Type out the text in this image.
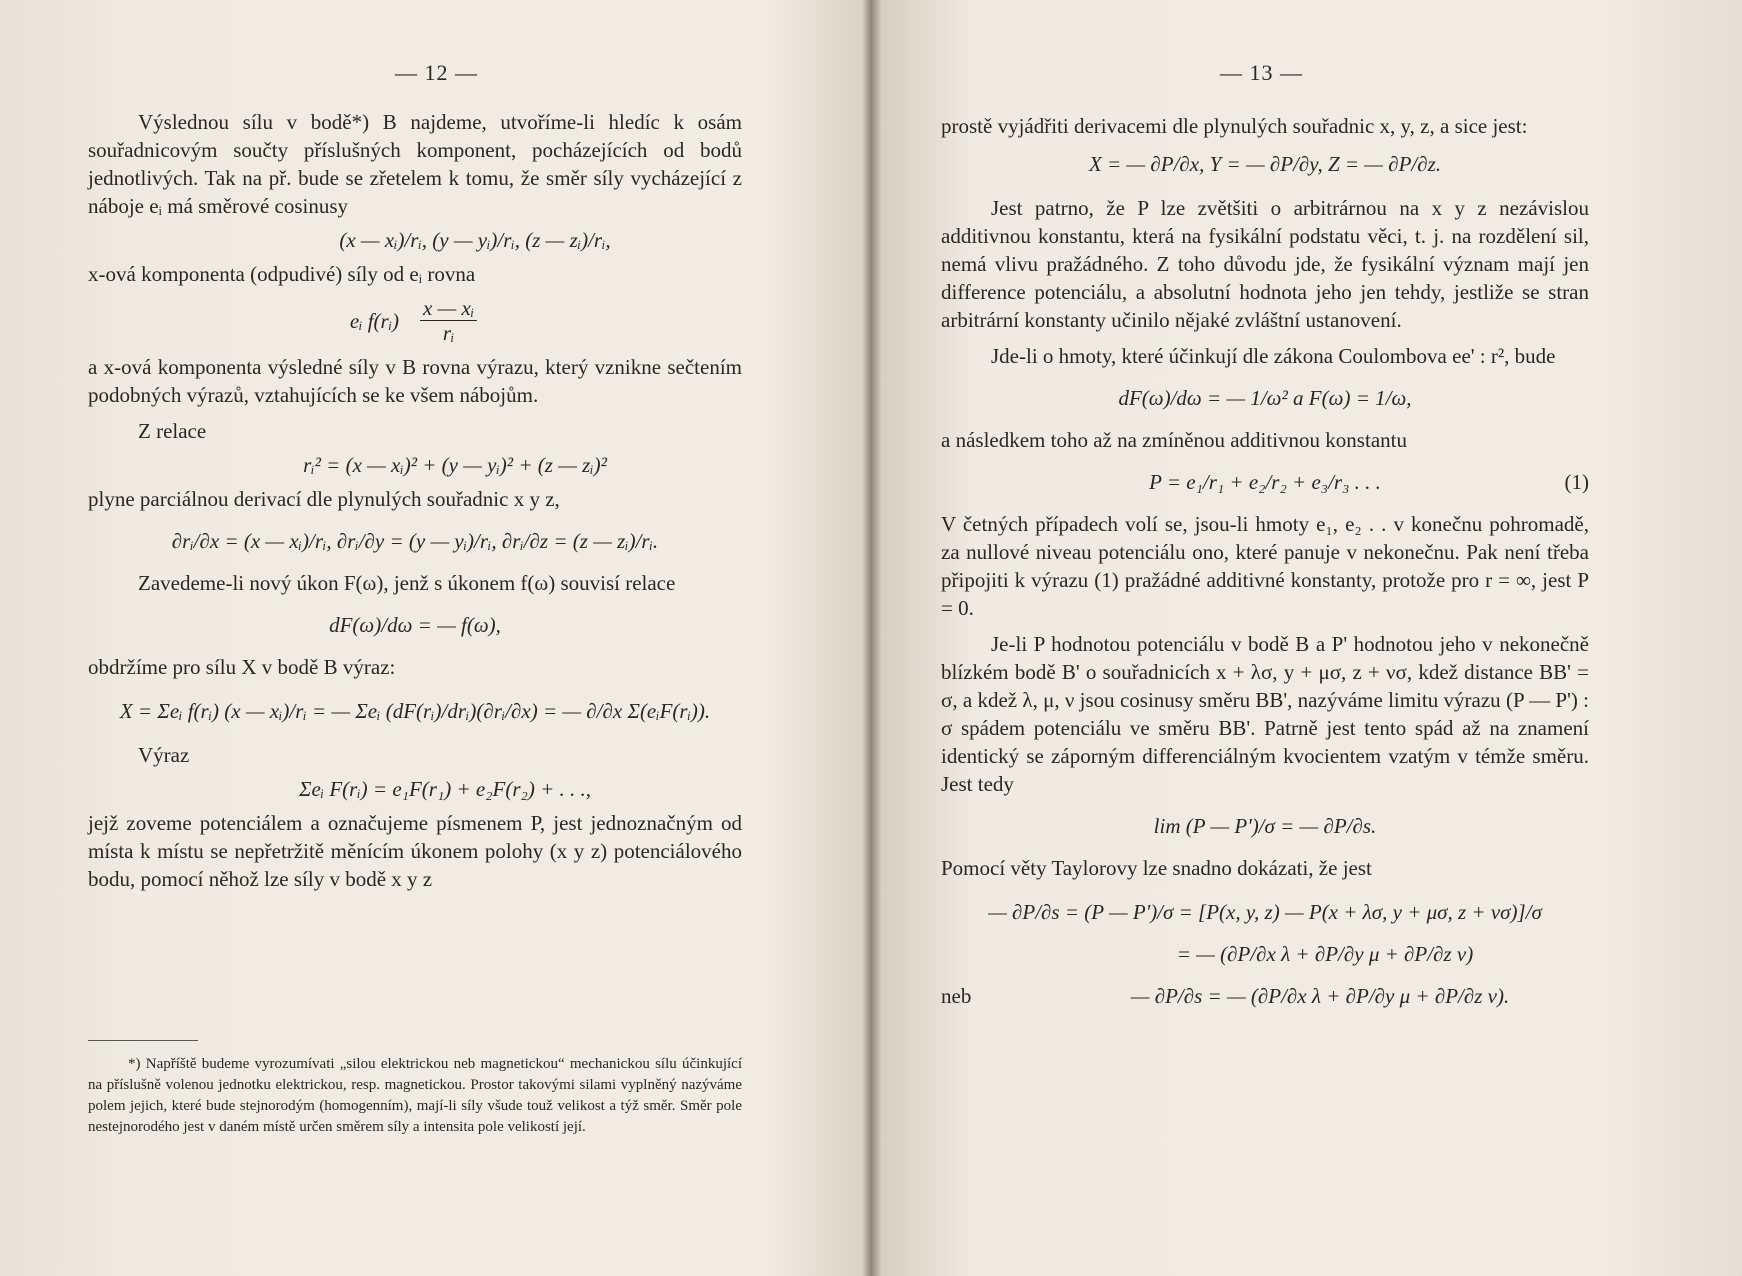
— 12 —

Výslednou sílu v bodě*) B najdeme, utvoříme-li hledíc k osám souřadnicovým součty příslušných komponent, pocházejících od bodů jednotlivých. Tak na př. bude se zřetelem k tomu, že směr síly vycházející z náboje eᵢ má směrové cosinusy

(x — xᵢ)/rᵢ, (y — yᵢ)/rᵢ, (z — zᵢ)/rᵢ,

x-ová komponenta (odpudivé) síly od eᵢ rovna

eᵢ f(rᵢ) $\frac{\text{x — xᵢ}}{\text{rᵢ}}$

a x-ová komponenta výsledné síly v B rovna výrazu, který vznikne sečtením podobných výrazů, vztahujících se ke všem nábojům.

Z relace

rᵢ² = (x — xᵢ)² + (y — yᵢ)² + (z — zᵢ)²

plyne parciálnou derivací dle plynulých souřadnic x y z,

∂rᵢ/∂x = (x — xᵢ)/rᵢ, ∂rᵢ/∂y = (y — yᵢ)/rᵢ, ∂rᵢ/∂z = (z — zᵢ)/rᵢ.

Zavedeme-li nový úkon F(ω), jenž s úkonem f(ω) souvisí relace

dF(ω)/dω = — f(ω),

obdržíme pro sílu X v bodě B výraz:

X = Σeᵢ f(rᵢ) (x — xᵢ)/rᵢ = — Σeᵢ (dF(rᵢ)/drᵢ)(∂rᵢ/∂x) = — ∂/∂x Σ(eᵢF(rᵢ)).

Výraz

Σeᵢ F(rᵢ) = e₁F(r₁) + e₂F(r₂) + . . .,

jejž zoveme potenciálem a označujeme písmenem P, jest jednoznačným od místa k místu se nepřetržitě měnícím úkonem polohy (x y z) potenciálového bodu, pomocí něhož lze síly v bodě x y z

*) Napříště budeme vyrozumívati „silou elektrickou neb magnetickou“ mechanickou sílu účinkující na příslušně volenou jednotku elektrickou, resp. magnetickou. Prostor takovými silami vyplněný nazýváme polem jejich, které bude stejnorodým (homogenním), mají-li síly všude touž velikost a týž směr. Směr pole nestejnorodého jest v daném místě určen směrem síly a intensita pole velikostí její.

— 13 —

prostě vyjádřiti derivacemi dle plynulých souřadnic x, y, z, a sice jest:

X = — ∂P/∂x, Y = — ∂P/∂y, Z = — ∂P/∂z.

Jest patrno, že P lze zvětšiti o arbitrárnou na x y z nezávislou additivnou konstantu, která na fysikální podstatu věci, t. j. na rozdělení sil, nemá vlivu pražádného. Z toho důvodu jde, že fysikální význam mají jen difference potenciálu, a absolutní hodnota jeho jen tehdy, jestliže se stran arbitrární konstanty učinilo nějaké zvláštní ustanovení.

Jde-li o hmoty, které účinkují dle zákona Coulombova ee' : r², bude

dF(ω)/dω = — 1/ω² a F(ω) = 1/ω,

a následkem toho až na zmíněnou additivnou konstantu

P = e₁/r₁ + e₂/r₂ + e₃/r₃ . . .	(1)

V četných případech volí se, jsou-li hmoty e₁, e₂ . . v konečnu pohromadě, za nullové niveau potenciálu ono, které panuje v nekonečnu. Pak není třeba připojiti k výrazu (1) pražádné additivné konstanty, protože pro r = ∞, jest P = 0.

Je-li P hodnotou potenciálu v bodě B a P' hodnotou jeho v nekonečně blízkém bodě B' o souřadnicích x + λσ, y + μσ, z + νσ, kdež distance BB' = σ, a kdež λ, μ, ν jsou cosinusy směru BB', nazýváme limitu výrazu (P — P') : σ spádem potenciálu ve směru BB'. Patrně jest tento spád až na znamení identický se záporným differenciálným kvocientem vzatým v témže směru. Jest tedy

lim (P — P')/σ = — ∂P/∂s.

Pomocí věty Taylorovy lze snadno dokázati, že jest

— ∂P/∂s = (P — P')/σ = [P(x, y, z) — P(x + λσ, y + μσ, z + νσ)]/σ
= — (∂P/∂x λ + ∂P/∂y μ + ∂P/∂z ν)
neb	— ∂P/∂s = — (∂P/∂x λ + ∂P/∂y μ + ∂P/∂z ν).
